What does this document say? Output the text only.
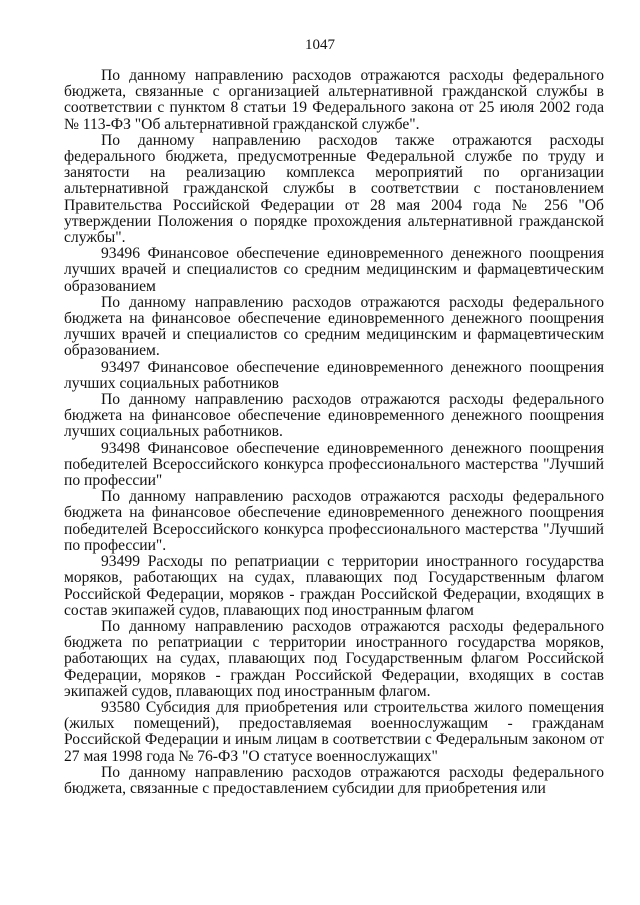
1047

По данному направлению расходов отражаются расходы федерального бюджета, связанные с организацией альтернативной гражданской службы в соответствии с пунктом 8 статьи 19 Федерального закона от 25 июля 2002 года № 113-ФЗ "Об альтернативной гражданской службе".

По данному направлению расходов также отражаются расходы федерального бюджета, предусмотренные Федеральной службе по труду и занятости на реализацию комплекса мероприятий по организации альтернативной гражданской службы в соответствии с постановлением Правительства Российской Федерации от 28 мая 2004 года № 256 "Об утверждении Положения о порядке прохождения альтернативной гражданской службы".

93496 Финансовое обеспечение единовременного денежного поощрения лучших врачей и специалистов со средним медицинским и фармацевтическим образованием

По данному направлению расходов отражаются расходы федерального бюджета на финансовое обеспечение единовременного денежного поощрения лучших врачей и специалистов со средним медицинским и фармацевтическим образованием.

93497 Финансовое обеспечение единовременного денежного поощрения лучших социальных работников

По данному направлению расходов отражаются расходы федерального бюджета на финансовое обеспечение единовременного денежного поощрения лучших социальных работников.

93498 Финансовое обеспечение единовременного денежного поощрения победителей Всероссийского конкурса профессионального мастерства "Лучший по профессии"

По данному направлению расходов отражаются расходы федерального бюджета на финансовое обеспечение единовременного денежного поощрения победителей Всероссийского конкурса профессионального мастерства "Лучший по профессии".

93499 Расходы по репатриации с территории иностранного государства моряков, работающих на судах, плавающих под Государственным флагом Российской Федерации, моряков - граждан Российской Федерации, входящих в состав экипажей судов, плавающих под иностранным флагом

По данному направлению расходов отражаются расходы федерального бюджета по репатриации с территории иностранного государства моряков, работающих на судах, плавающих под Государственным флагом Российской Федерации, моряков - граждан Российской Федерации, входящих в состав экипажей судов, плавающих под иностранным флагом.

93580 Субсидия для приобретения или строительства жилого помещения (жилых помещений), предоставляемая военнослужащим - гражданам Российской Федерации и иным лицам в соответствии с Федеральным законом от 27 мая 1998 года № 76-ФЗ "О статусе военнослужащих"

По данному направлению расходов отражаются расходы федерального бюджета, связанные с предоставлением субсидии для приобретения или
